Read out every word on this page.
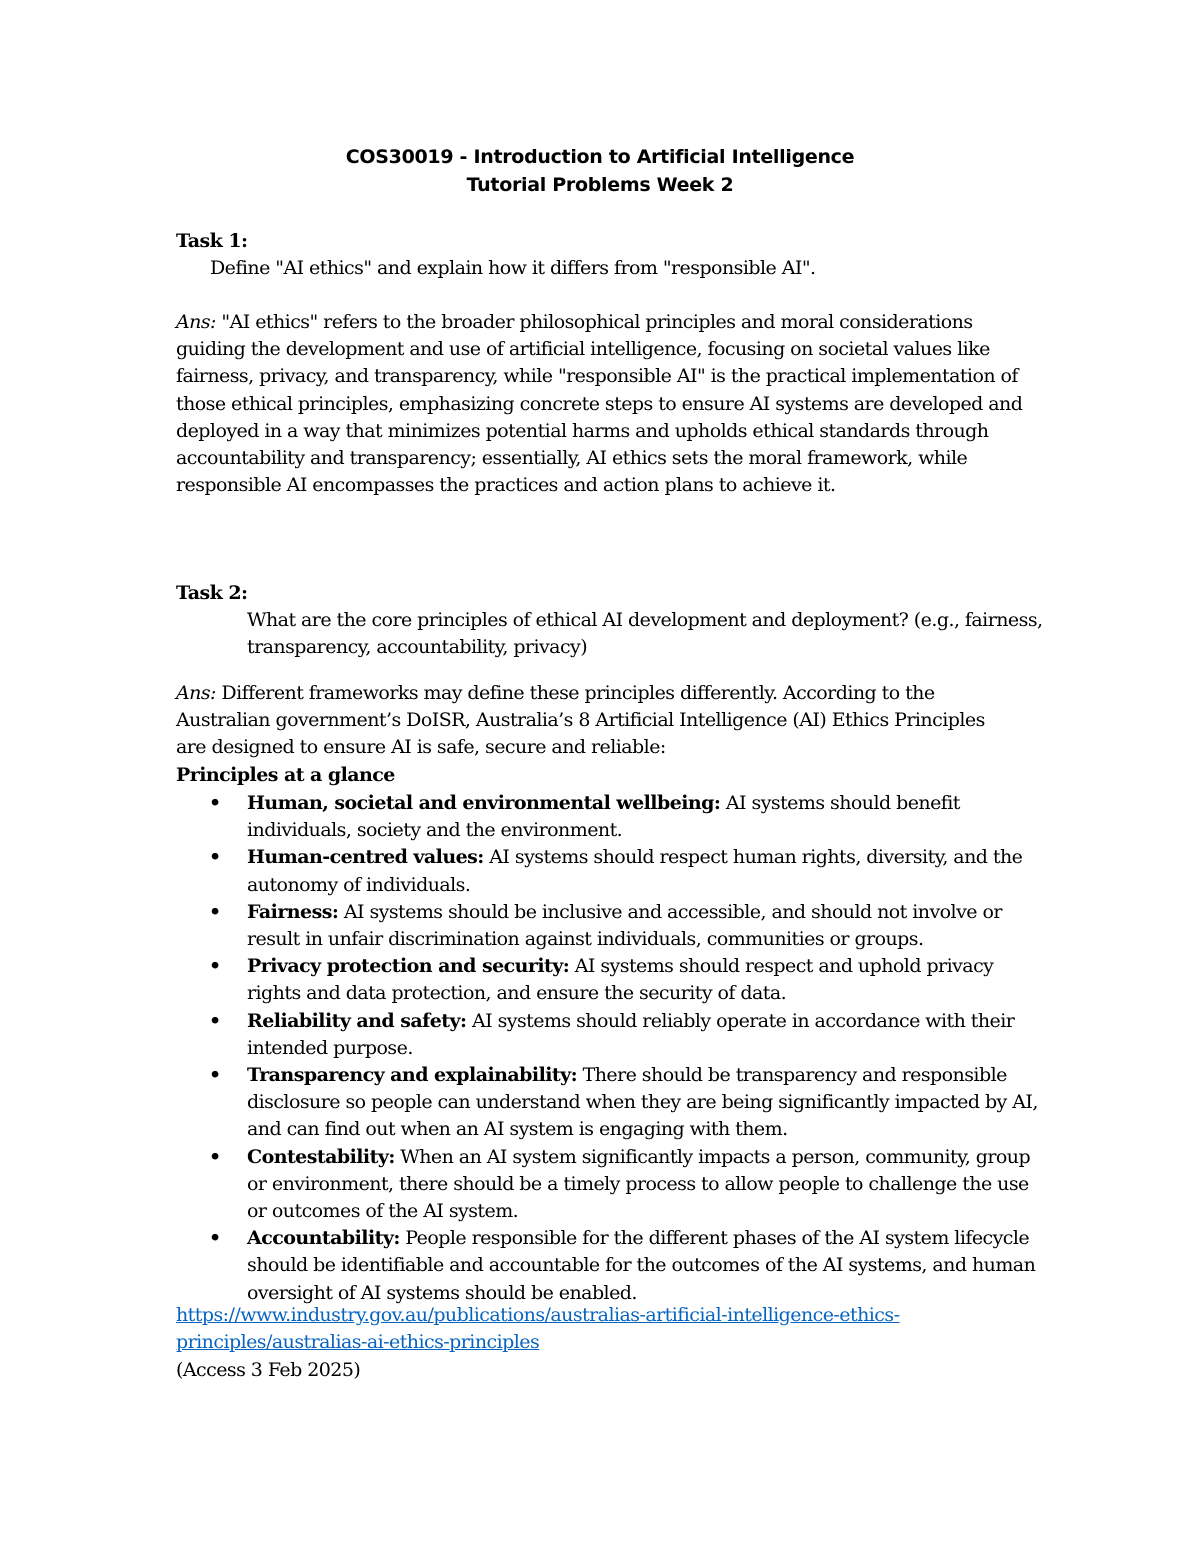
COS30019 - Introduction to Artificial Intelligence
Tutorial Problems Week 2
Task 1:
Define "AI ethics" and explain how it differs from "responsible AI".

Ans: "AI ethics" refers to the broader philosophical principles and moral considerations guiding the development and use of artificial intelligence, focusing on societal values like fairness, privacy, and transparency, while "responsible AI" is the practical implementation of those ethical principles, emphasizing concrete steps to ensure AI systems are developed and deployed in a way that minimizes potential harms and upholds ethical standards through accountability and transparency; essentially, AI ethics sets the moral framework, while responsible AI encompasses the practices and action plans to achieve it.

Task 2:
What are the core principles of ethical AI development and deployment? (e.g., fairness, transparency, accountability, privacy)

Ans: Different frameworks may define these principles differently. According to the Australian government’s DoISR, Australia’s 8 Artificial Intelligence (AI) Ethics Principles are designed to ensure AI is safe, secure and reliable:

Principles at a glance
• Human, societal and environmental wellbeing: AI systems should benefit individuals, society and the environment.
• Human-centred values: AI systems should respect human rights, diversity, and the autonomy of individuals.
• Fairness: AI systems should be inclusive and accessible, and should not involve or result in unfair discrimination against individuals, communities or groups.
• Privacy protection and security: AI systems should respect and uphold privacy rights and data protection, and ensure the security of data.
• Reliability and safety: AI systems should reliably operate in accordance with their intended purpose.
• Transparency and explainability: There should be transparency and responsible disclosure so people can understand when they are being significantly impacted by AI, and can find out when an AI system is engaging with them.
• Contestability: When an AI system significantly impacts a person, community, group or environment, there should be a timely process to allow people to challenge the use or outcomes of the AI system.
• Accountability: People responsible for the different phases of the AI system lifecycle should be identifiable and accountable for the outcomes of the AI systems, and human oversight of AI systems should be enabled.
https://www.industry.gov.au/publications/australias-artificial-intelligence-ethics-principles/australias-ai-ethics-principles
(Access 3 Feb 2025)
